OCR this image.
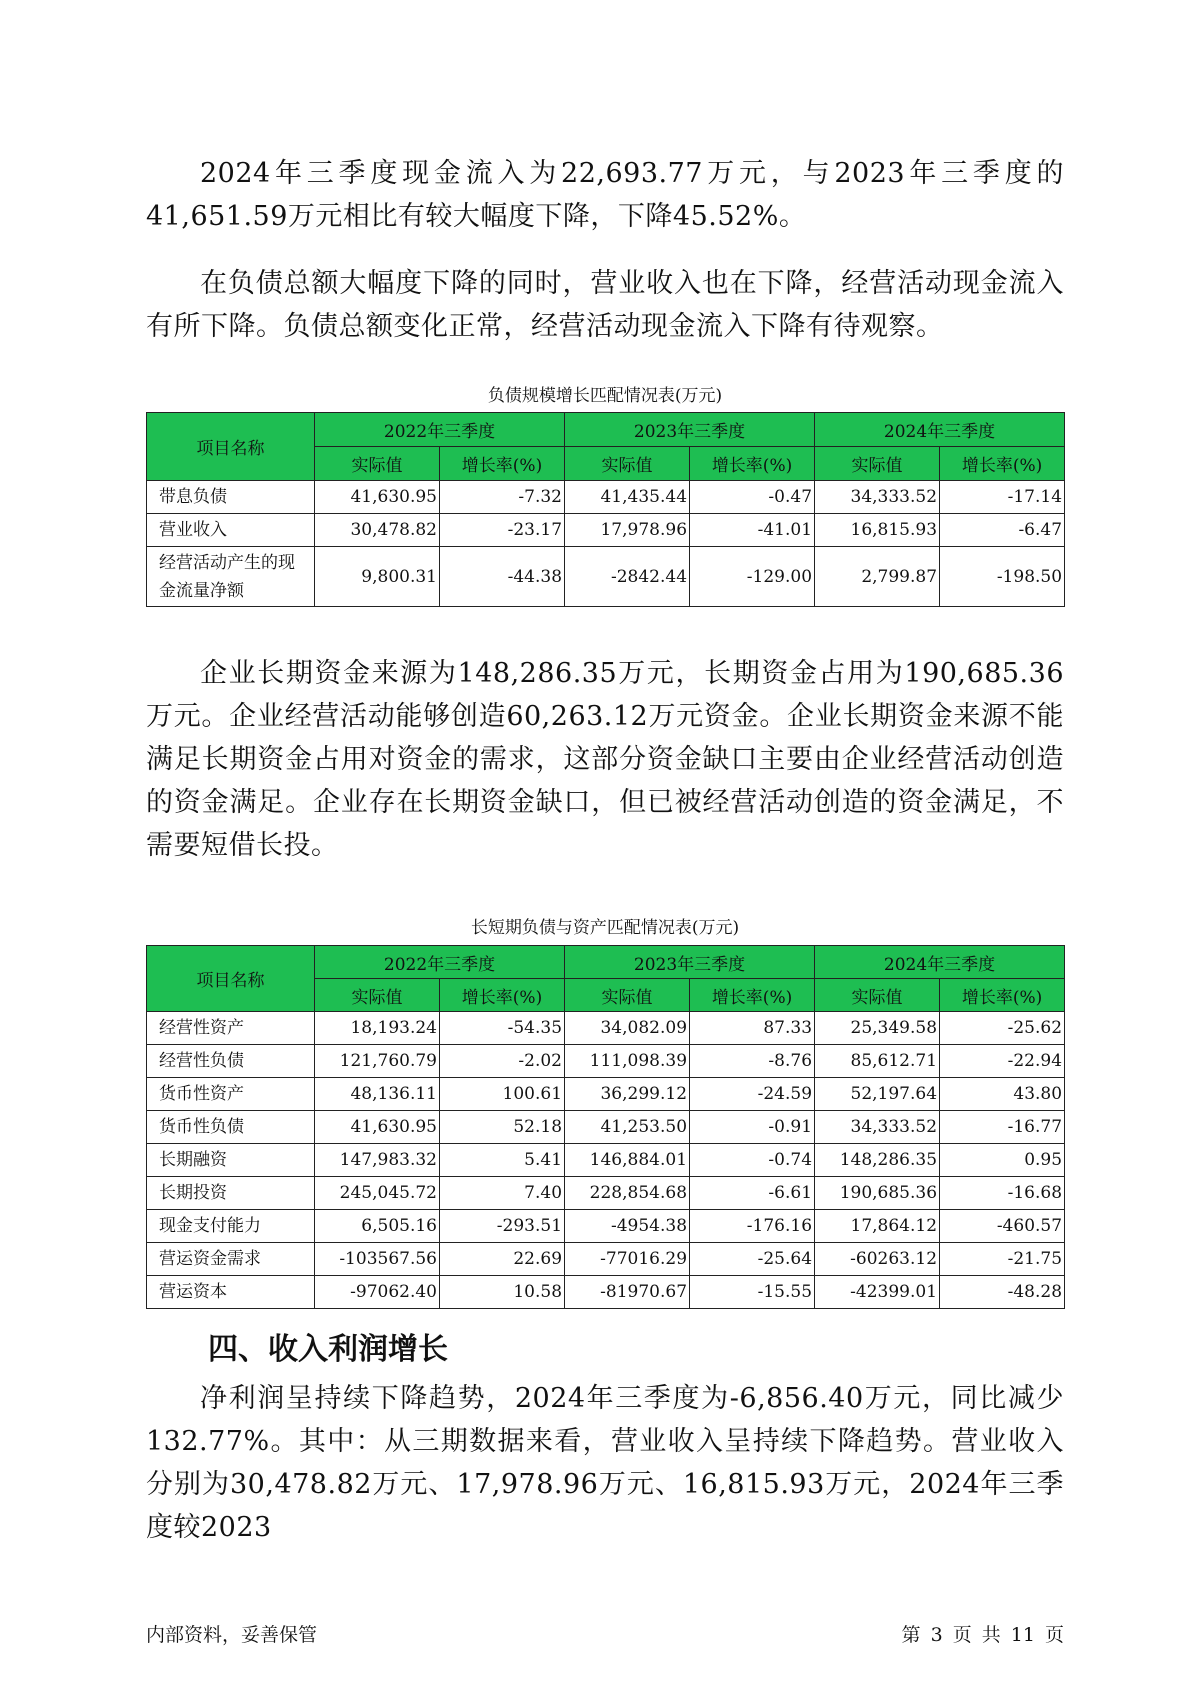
2024年三季度现金流入为22,693.77万元，与2023年三季度的41,651.59万元相比有较大幅度下降，下降45.52%。

在负债总额大幅度下降的同时，营业收入也在下降，经营活动现金流入有所下降。负债总额变化正常，经营活动现金流入下降有待观察。

负债规模增长匹配情况表(万元)
项目名称	2022年三季度		2023年三季度		2024年三季度	
	实际值	增长率(%)	实际值	增长率(%)	实际值	增长率(%)
带息负债	41,630.95	-7.32	41,435.44	-0.47	34,333.52	-17.14
营业收入	30,478.82	-23.17	17,978.96	-41.01	16,815.93	-6.47
经营活动产生的现金流量净额	9,800.31	-44.38	-2842.44	-129.00	2,799.87	-198.50

企业长期资金来源为148,286.35万元，长期资金占用为190,685.36万元。企业经营活动能够创造60,263.12万元资金。企业长期资金来源不能满足长期资金占用对资金的需求，这部分资金缺口主要由企业经营活动创造的资金满足。企业存在长期资金缺口，但已被经营活动创造的资金满足，不需要短借长投。

长短期负债与资产匹配情况表(万元)
项目名称	2022年三季度		2023年三季度		2024年三季度	
	实际值	增长率(%)	实际值	增长率(%)	实际值	增长率(%)
经营性资产	18,193.24	-54.35	34,082.09	87.33	25,349.58	-25.62
经营性负债	121,760.79	-2.02	111,098.39	-8.76	85,612.71	-22.94
货币性资产	48,136.11	100.61	36,299.12	-24.59	52,197.64	43.80
货币性负债	41,630.95	52.18	41,253.50	-0.91	34,333.52	-16.77
长期融资	147,983.32	5.41	146,884.01	-0.74	148,286.35	0.95
长期投资	245,045.72	7.40	228,854.68	-6.61	190,685.36	-16.68
现金支付能力	6,505.16	-293.51	-4954.38	-176.16	17,864.12	-460.57
营运资金需求	-103567.56	22.69	-77016.29	-25.64	-60263.12	-21.75
营运资本	-97062.40	10.58	-81970.67	-15.55	-42399.01	-48.28
四、收入利润增长

净利润呈持续下降趋势，2024年三季度为-6,856.40万元，同比减少132.77%。其中：从三期数据来看，营业收入呈持续下降趋势。营业收入分别为30,478.82万元、17,978.96万元、16,815.93万元，2024年三季度较2023

内部资料，妥善保管	第 3 页 共 11 页
